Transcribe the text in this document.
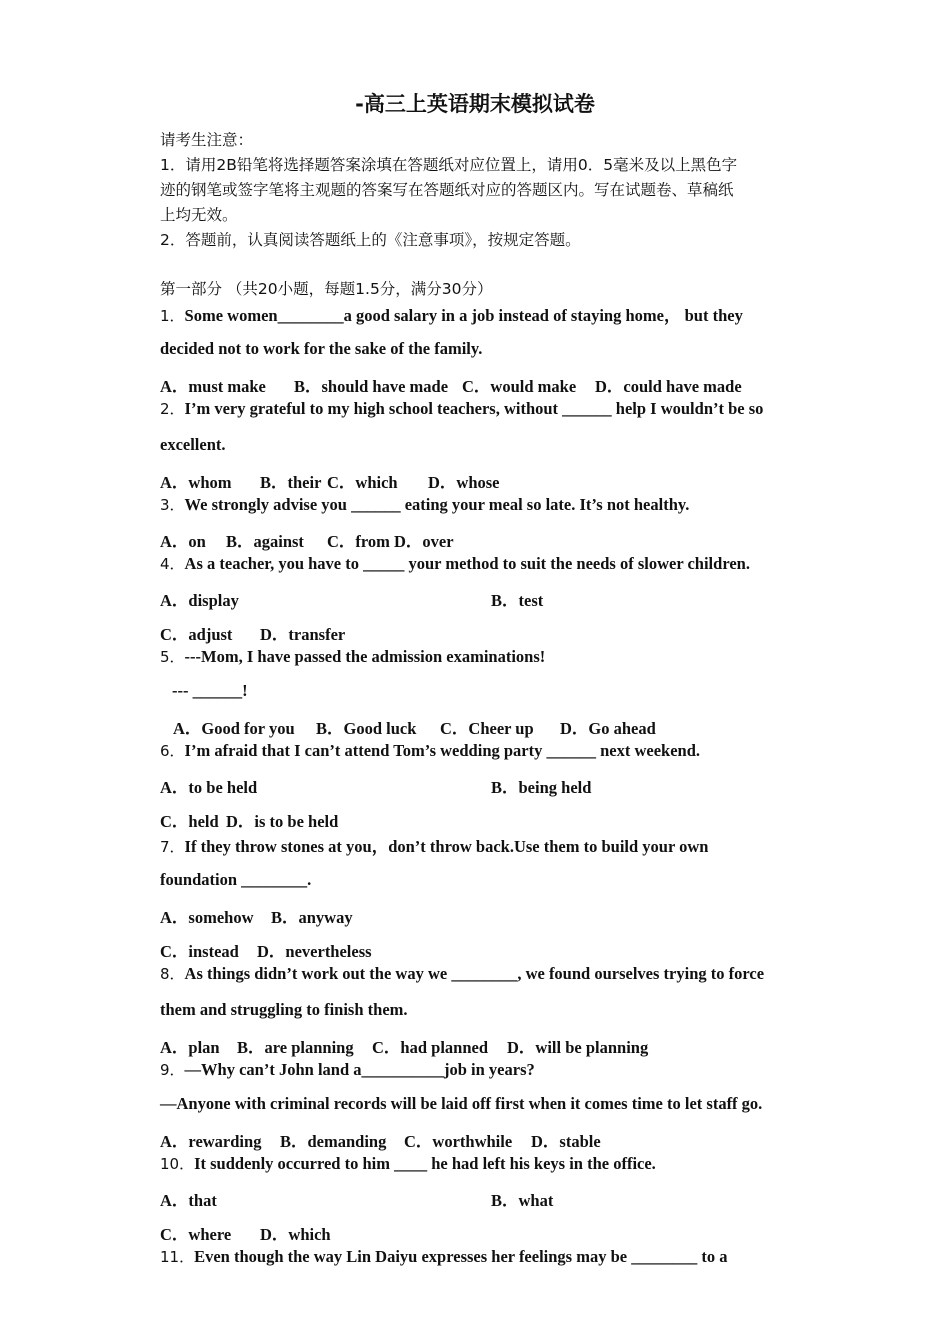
-高三上英语期末模拟试卷
请考生注意：
1．请用2B铅笔将选择题答案涂填在答题纸对应位置上，请用0．5毫米及以上黑色字
迹的钢笔或签字笔将主观题的答案写在答题纸对应的答题区内。写在试题卷、草稿纸
上均无效。
2．答题前，认真阅读答题纸上的《注意事项》，按规定答题。
第一部分 （共20小题，每题1.5分，满分30分）
1．Some women________a good salary in a job instead of staying home， but they
decided not to work for the sake of the family.
A．must make B．should have made C．would make D．could have made
2．I’m very grateful to my high school teachers, without ______ help I wouldn’t be so
excellent.
A．whom B．their C．which D．whose
3．We strongly advise you ______ eating your meal so late. It’s not healthy.
A．on B．against C．from D．over
4．As a teacher, you have to _____ your method to suit the needs of slower children.
A．display	B．test
C．adjust D．transfer
5．---Mom, I have passed the admission examinations!
--- ______!
A．Good for you B．Good luck C．Cheer up D．Go ahead
6．I’m afraid that I can’t attend Tom’s wedding party ______ next weekend.
A．to be held	B．being held
C．held D．is to be held
7．If they throw stones at you，don’t throw back.Use them to build your own
foundation ________.
A．somehow B．anyway
C．instead D．nevertheless
8．As things didn’t work out the way we ________, we found ourselves trying to force
them and struggling to finish them.
A．plan B．are planning C．had planned D．will be planning
9．—Why can’t John land a__________job in years?
—Anyone with criminal records will be laid off first when it comes time to let staff go.
A．rewarding B．demanding C．worthwhile D．stable
10．It suddenly occurred to him ____ he had left his keys in the office.
A．that	B．what
C．where D．which
11．Even though the way Lin Daiyu expresses her feelings may be ________ to a
